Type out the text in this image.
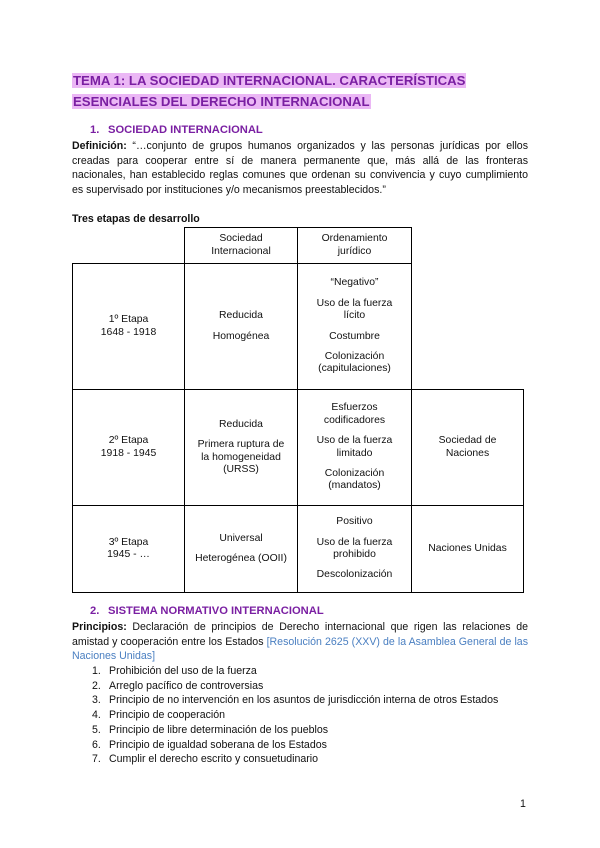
TEMA 1: LA SOCIEDAD INTERNACIONAL. CARACTERÍSTICAS
ESENCIALES DEL DERECHO INTERNACIONAL
1. SOCIEDAD INTERNACIONAL
Definición: “…conjunto de grupos humanos organizados y las personas jurídicas por ellos creadas para cooperar entre sí de manera permanente que, más allá de las fronteras nacionales, han establecido reglas comunes que ordenan su convivencia y cuyo cumplimiento es supervisado por instituciones y/o mecanismos preestablecidos.”
Tres etapas de desarrollo
Sociedad
Internacional
Ordenamiento
jurídico
1º Etapa
1648 - 1918
Reducida
Homogénea
“Negativo”
Uso de la fuerza
lícito
Costumbre
Colonización
(capitulaciones)
2º Etapa
1918 - 1945
Reducida
Primera ruptura de
la homogeneidad
(URSS)
Esfuerzos
codificadores
Uso de la fuerza
limitado
Colonización
(mandatos)
Sociedad de
Naciones
3º Etapa
1945 - …
Universal
Heterogénea (OOII)
Positivo
Uso de la fuerza
prohibido
Descolonización
Naciones Unidas
2. SISTEMA NORMATIVO INTERNACIONAL
Principios: Declaración de principios de Derecho internacional que rigen las relaciones de amistad y cooperación entre los Estados [Resolución 2625 (XXV) de la Asamblea General de las Naciones Unidas]
1. Prohibición del uso de la fuerza
2. Arreglo pacífico de controversias
3. Principio de no intervención en los asuntos de jurisdicción interna de otros Estados
4. Principio de cooperación
5. Principio de libre determinación de los pueblos
6. Principio de igualdad soberana de los Estados
7. Cumplir el derecho escrito y consuetudinario
1
